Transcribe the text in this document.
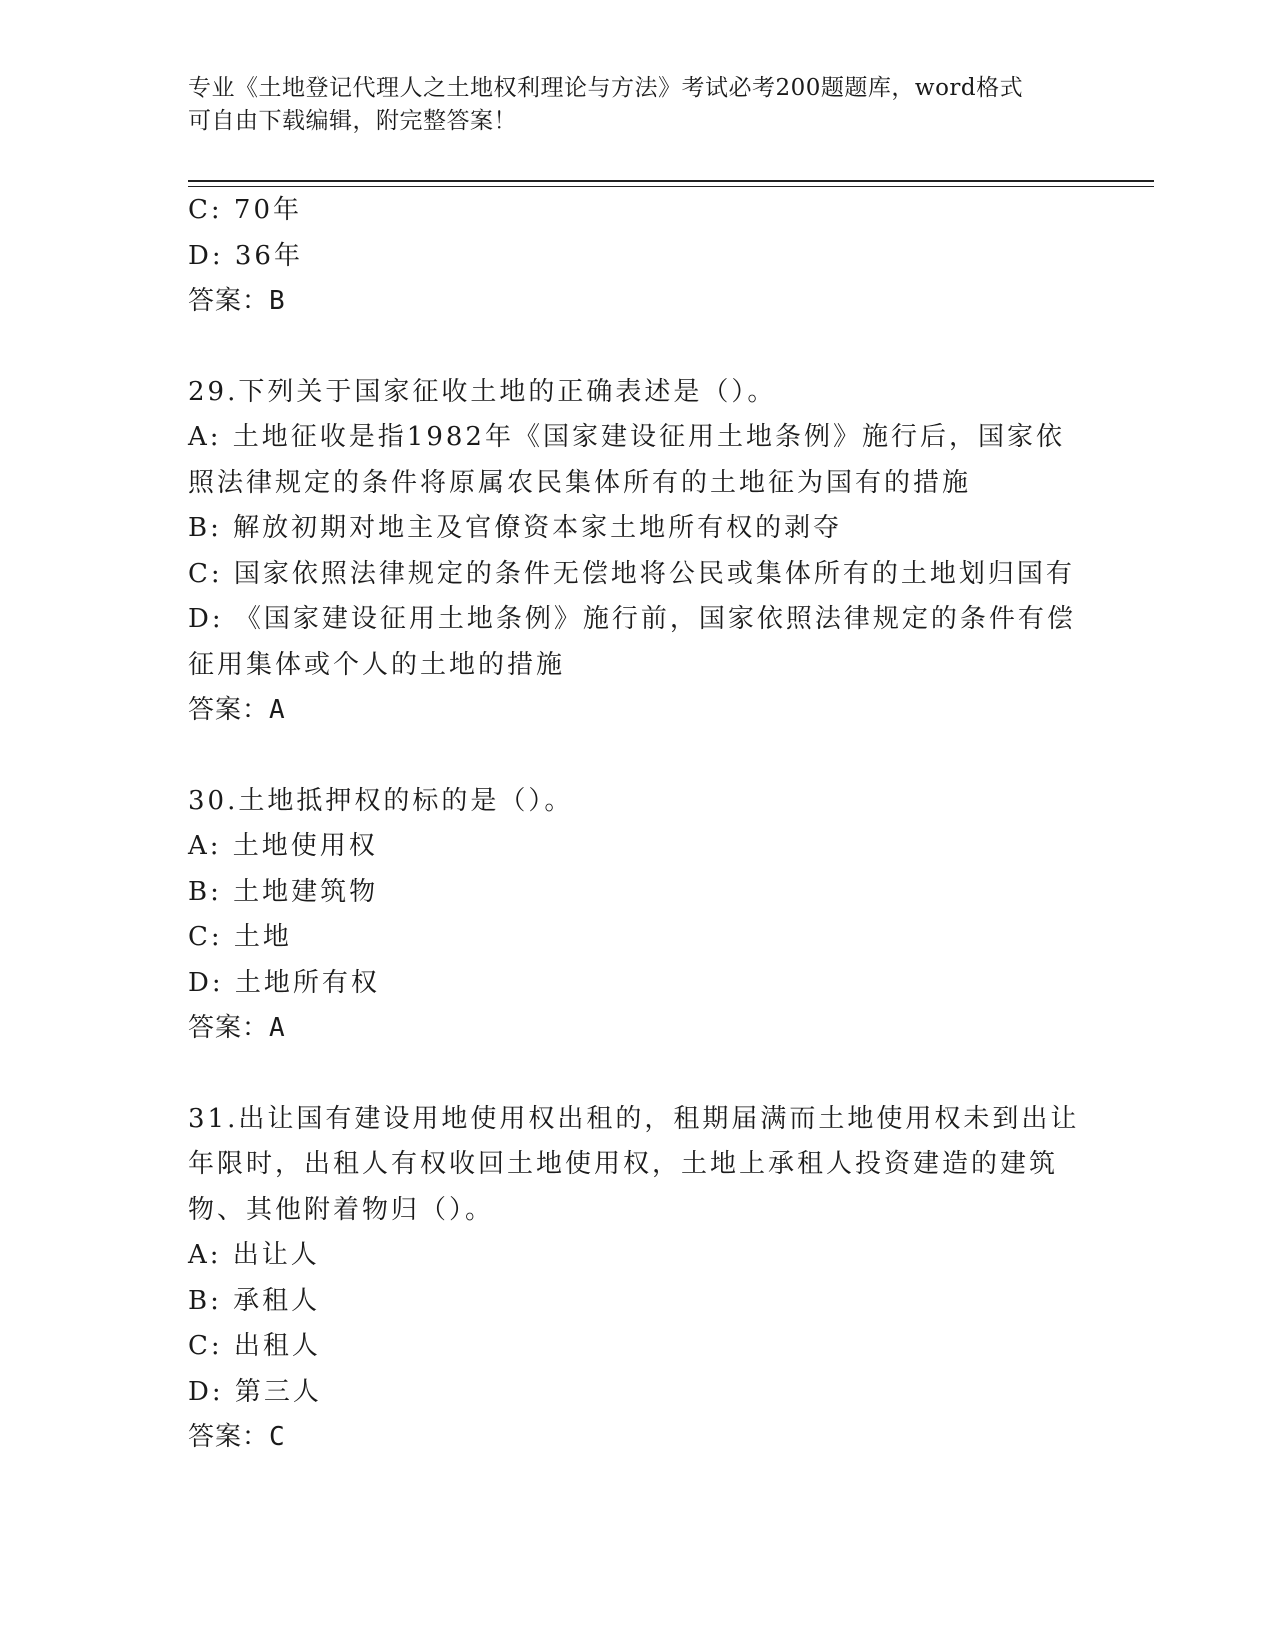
专业《土地登记代理人之土地权利理论与方法》考试必考200题题库，word格式
可自由下载编辑，附完整答案！
C: 70年
D: 36年
答案：B
29.下列关于国家征收土地的正确表述是（）。
A: 土地征收是指1982年《国家建设征用土地条例》施行后，国家依
照法律规定的条件将原属农民集体所有的土地征为国有的措施
B: 解放初期对地主及官僚资本家土地所有权的剥夺
C: 国家依照法律规定的条件无偿地将公民或集体所有的土地划归国有
D: 《国家建设征用土地条例》施行前，国家依照法律规定的条件有偿
征用集体或个人的土地的措施
答案：A
30.土地抵押权的标的是（）。
A: 土地使用权
B: 土地建筑物
C: 土地
D: 土地所有权
答案：A
31.出让国有建设用地使用权出租的，租期届满而土地使用权未到出让
年限时，出租人有权收回土地使用权，土地上承租人投资建造的建筑
物、其他附着物归（）。
A: 出让人
B: 承租人
C: 出租人
D: 第三人
答案：C
